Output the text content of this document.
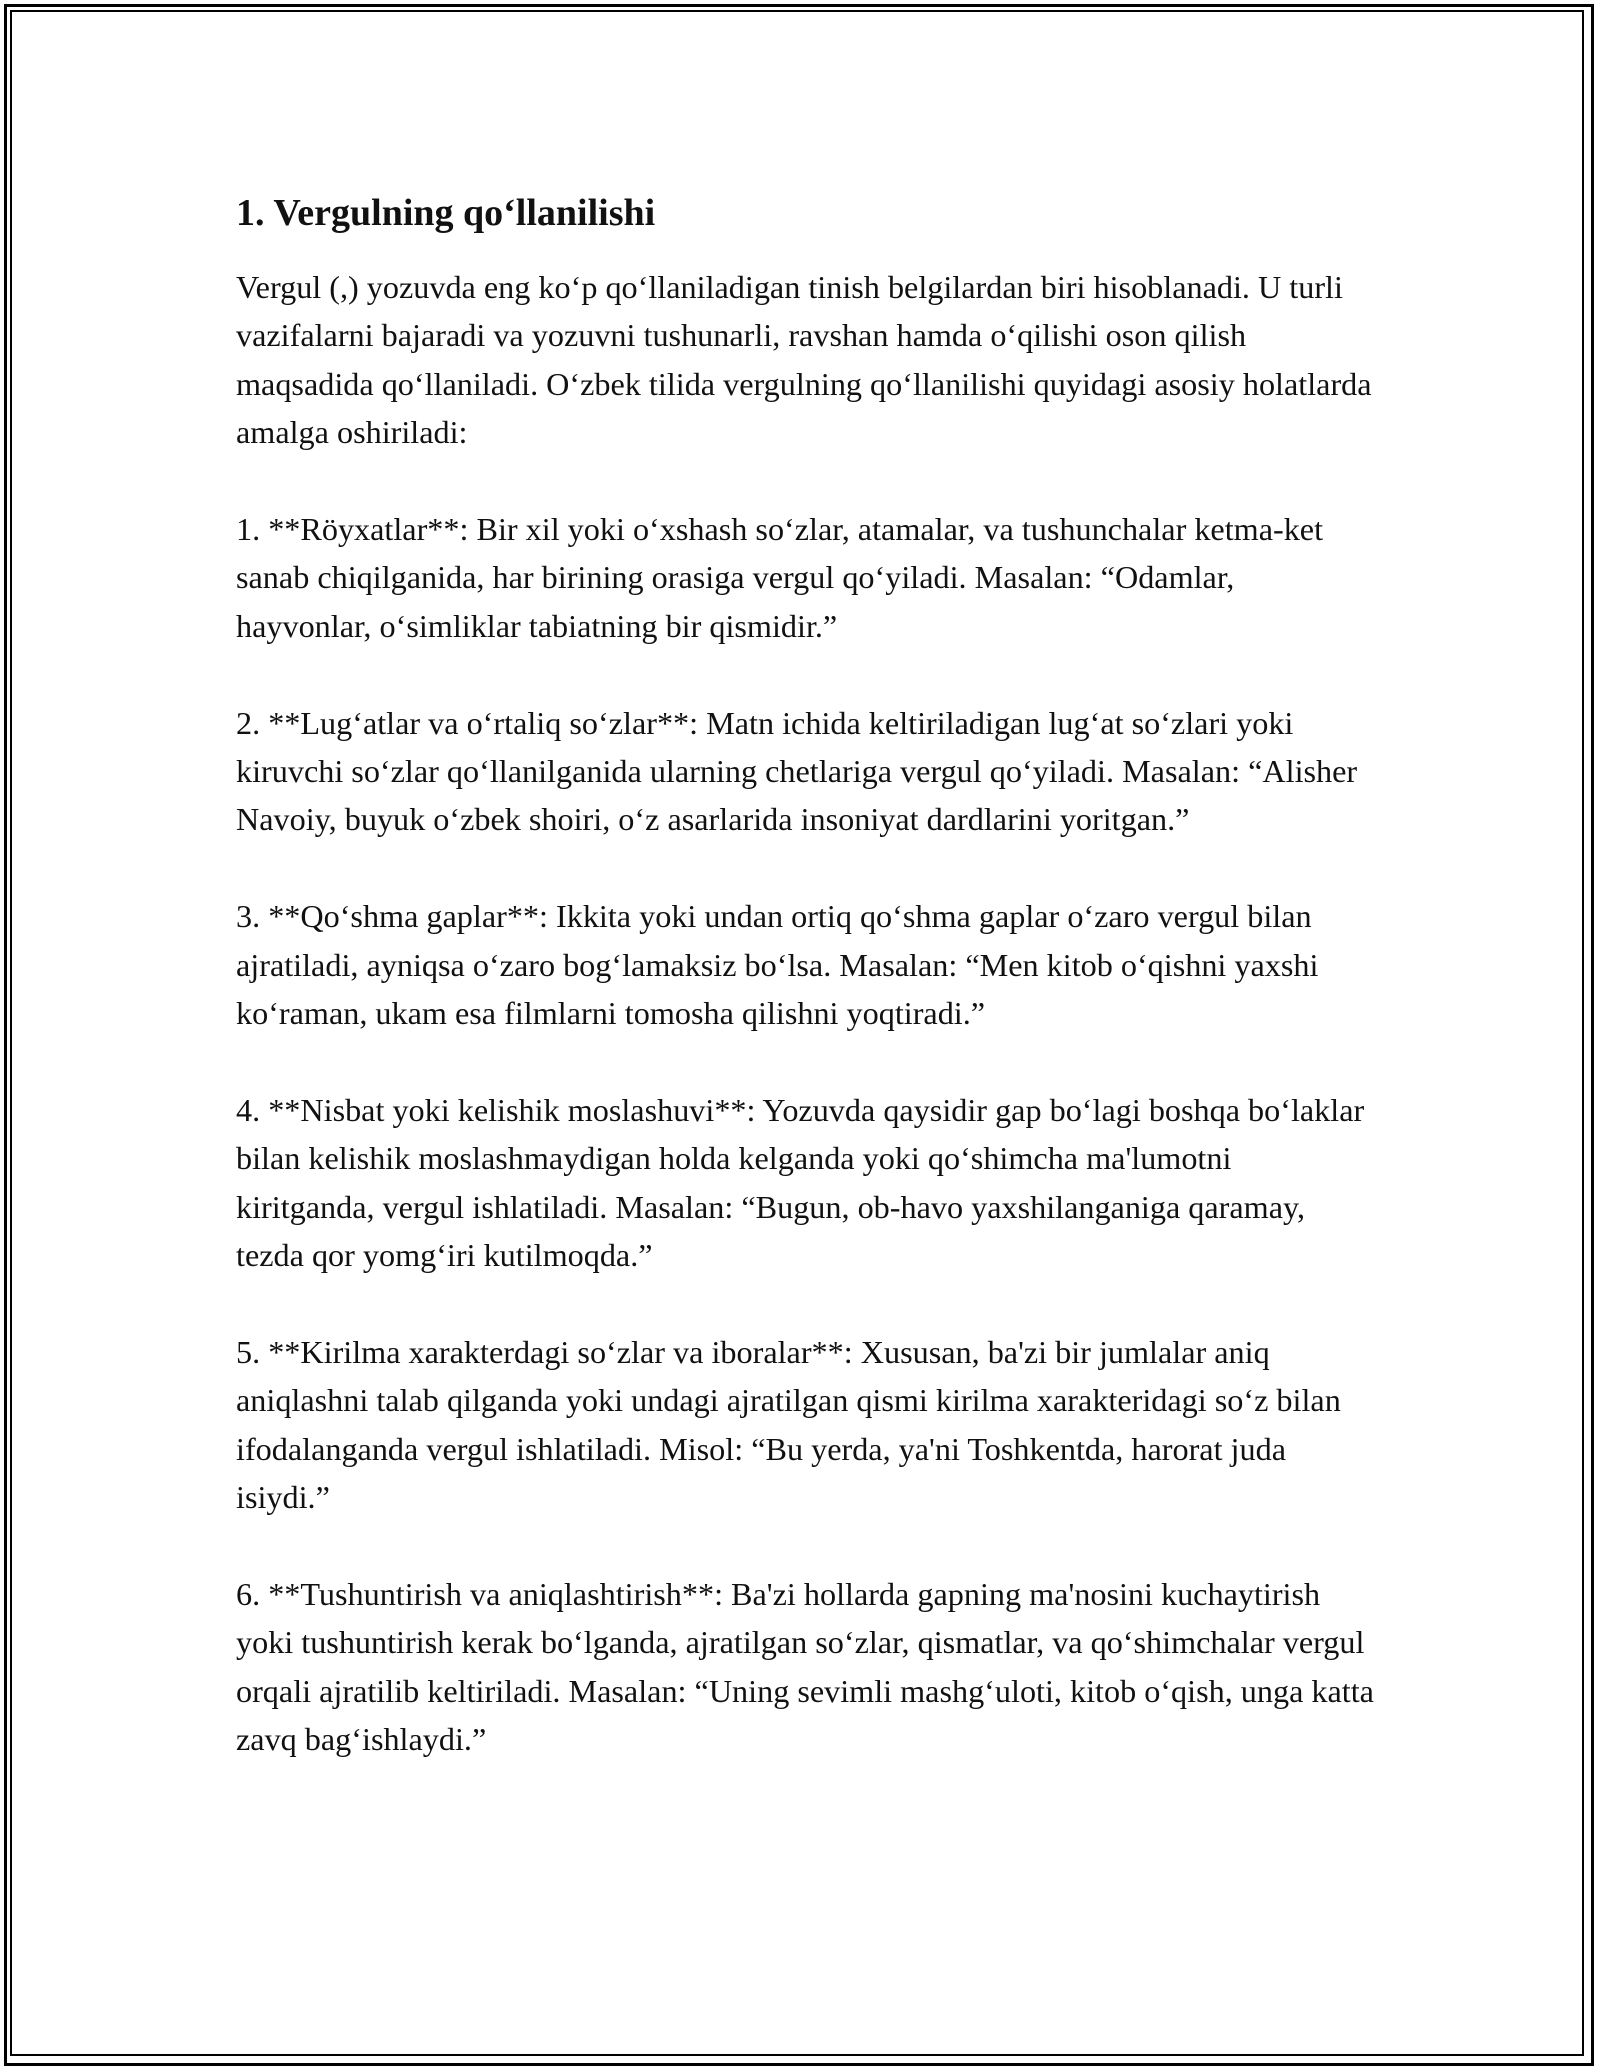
1. Vergulning qo‘llanilishi

Vergul (,) yozuvda eng ko‘p qo‘llaniladigan tinish belgilardan biri hisoblanadi. U turli vazifalarni bajaradi va yozuvni tushunarli, ravshan hamda o‘qilishi oson qilish maqsadida qo‘llaniladi. O‘zbek tilida vergulning qo‘llanilishi quyidagi asosiy holatlarda amalga oshiriladi:

1. **Röyxatlar**: Bir xil yoki o‘xshash so‘zlar, atamalar, va tushunchalar ketma-ket sanab chiqilganida, har birining orasiga vergul qo‘yiladi. Masalan: “Odamlar, hayvonlar, o‘simliklar tabiatning bir qismidir.”

2. **Lug‘atlar va o‘rtaliq so‘zlar**: Matn ichida keltiriladigan lug‘at so‘zlari yoki kiruvchi so‘zlar qo‘llanilganida ularning chetlariga vergul qo‘yiladi. Masalan: “Alisher Navoiy, buyuk o‘zbek shoiri, o‘z asarlarida insoniyat dardlarini yoritgan.”

3. **Qo‘shma gaplar**: Ikkita yoki undan ortiq qo‘shma gaplar o‘zaro vergul bilan ajratiladi, ayniqsa o‘zaro bog‘lamaksiz bo‘lsa. Masalan: “Men kitob o‘qishni yaxshi ko‘raman, ukam esa filmlarni tomosha qilishni yoqtiradi.”

4. **Nisbat yoki kelishik moslashuvi**: Yozuvda qaysidir gap bo‘lagi boshqa bo‘laklar bilan kelishik moslashmaydigan holda kelganda yoki qo‘shimcha ma'lumotni kiritganda, vergul ishlatiladi. Masalan: “Bugun, ob-havo yaxshilanganiga qaramay, tezda qor yomg‘iri kutilmoqda.”

5. **Kirilma xarakterdagi so‘zlar va iboralar**: Xususan, ba'zi bir jumlalar aniq aniqlashni talab qilganda yoki undagi ajratilgan qismi kirilma xarakteridagi so‘z bilan ifodalanganda vergul ishlatiladi. Misol: “Bu yerda, ya'ni Toshkentda, harorat juda isiydi.”

6. **Tushuntirish va aniqlashtirish**: Ba'zi hollarda gapning ma'nosini kuchaytirish yoki tushuntirish kerak bo‘lganda, ajratilgan so‘zlar, qismatlar, va qo‘shimchalar vergul orqali ajratilib keltiriladi. Masalan: “Uning sevimli mashg‘uloti, kitob o‘qish, unga katta zavq bag‘ishlaydi.”
